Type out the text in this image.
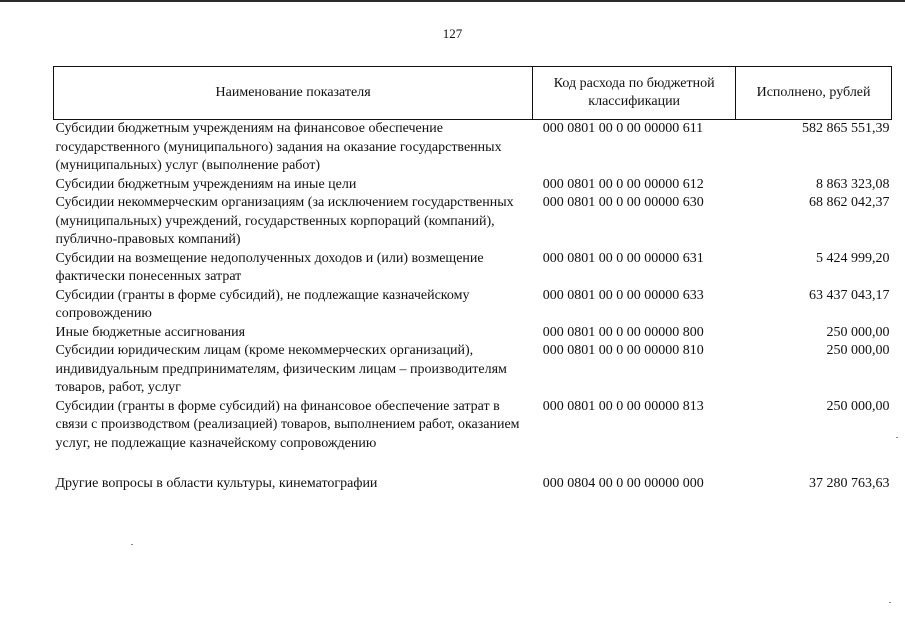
127
Наименование показателя	Код расхода по бюджетной классификации	Исполнено, рублей
Субсидии бюджетным учреждениям на финансовое обеспечение государственного (муниципального) задания на оказание государственных (муниципальных) услуг (выполнение работ)	000 0801 00 0 00 00000 611	582 865 551,39
Субсидии бюджетным учреждениям на иные цели	000 0801 00 0 00 00000 612	8 863 323,08
Субсидии некоммерческим организациям (за исключением государственных (муниципальных) учреждений, государственных корпораций (компаний), публично-правовых компаний)	000 0801 00 0 00 00000 630	68 862 042,37
Субсидии на возмещение недополученных доходов и (или) возмещение фактически понесенных затрат	000 0801 00 0 00 00000 631	5 424 999,20
Субсидии (гранты в форме субсидий), не подлежащие казначейскому сопровождению	000 0801 00 0 00 00000 633	63 437 043,17
Иные бюджетные ассигнования	000 0801 00 0 00 00000 800	250 000,00
Субсидии юридическим лицам (кроме некоммерческих организаций), индивидуальным предпринимателям, физическим лицам – производителям товаров, работ, услуг	000 0801 00 0 00 00000 810	250 000,00
Субсидии (гранты в форме субсидий) на финансовое обеспечение затрат в связи с производством (реализацией) товаров, выполнением работ, оказанием услуг, не подлежащие казначейскому сопровождению	000 0801 00 0 00 00000 813	250 000,00

Другие вопросы в области культуры, кинематографии	000 0804 00 0 00 00000 000	37 280 763,63
